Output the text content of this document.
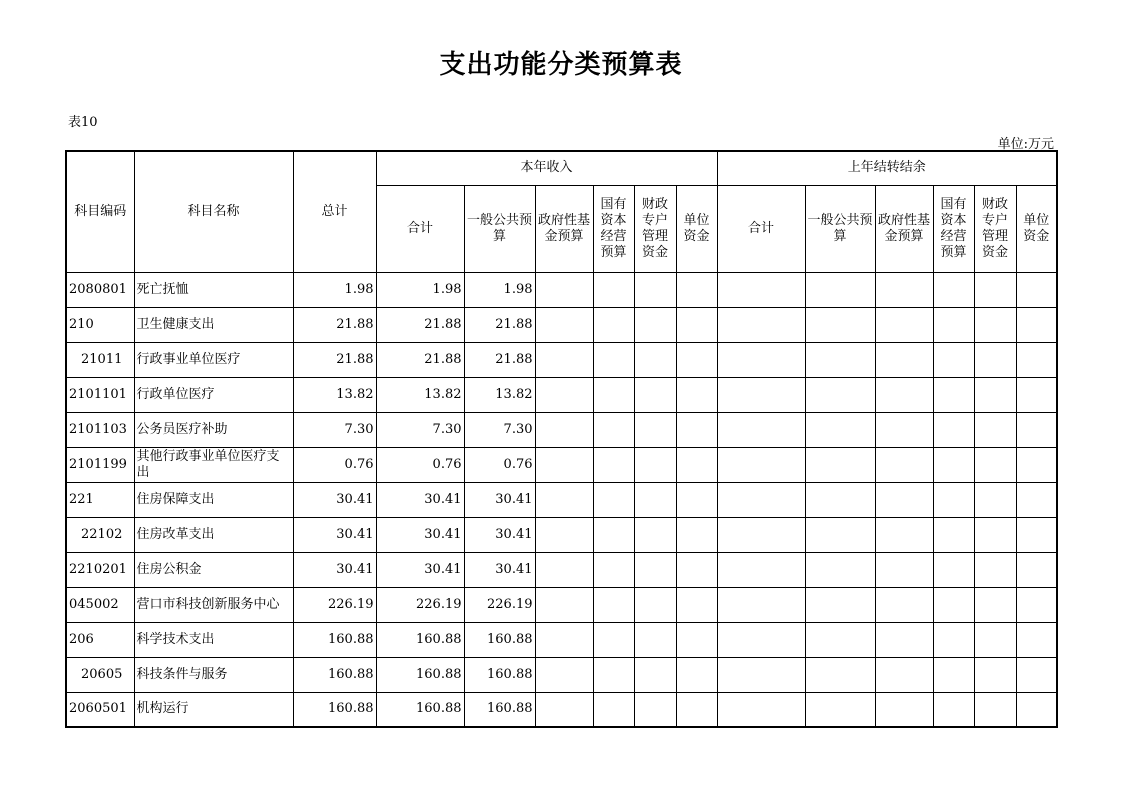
支出功能分类预算表
表10
单位:万元
科目编码	科目名称	总计	本年收入						上年结转结余					
			合计	一般公共预算	政府性基金预算	国有资本经营预算	财政专户管理资金	单位资金	合计	一般公共预算	政府性基金预算	国有资本经营预算	财政专户管理资金	单位资金
2080801	死亡抚恤	1.98	1.98	1.98										
210	卫生健康支出	21.88	21.88	21.88										
21011	行政事业单位医疗	21.88	21.88	21.88										
2101101	行政单位医疗	13.82	13.82	13.82										
2101103	公务员医疗补助	7.30	7.30	7.30										
2101199	其他行政事业单位医疗支出	0.76	0.76	0.76										
221	住房保障支出	30.41	30.41	30.41										
22102	住房改革支出	30.41	30.41	30.41										
2210201	住房公积金	30.41	30.41	30.41										
045002	营口市科技创新服务中心	226.19	226.19	226.19										
206	科学技术支出	160.88	160.88	160.88										
20605	科技条件与服务	160.88	160.88	160.88										
2060501	机构运行	160.88	160.88	160.88										
